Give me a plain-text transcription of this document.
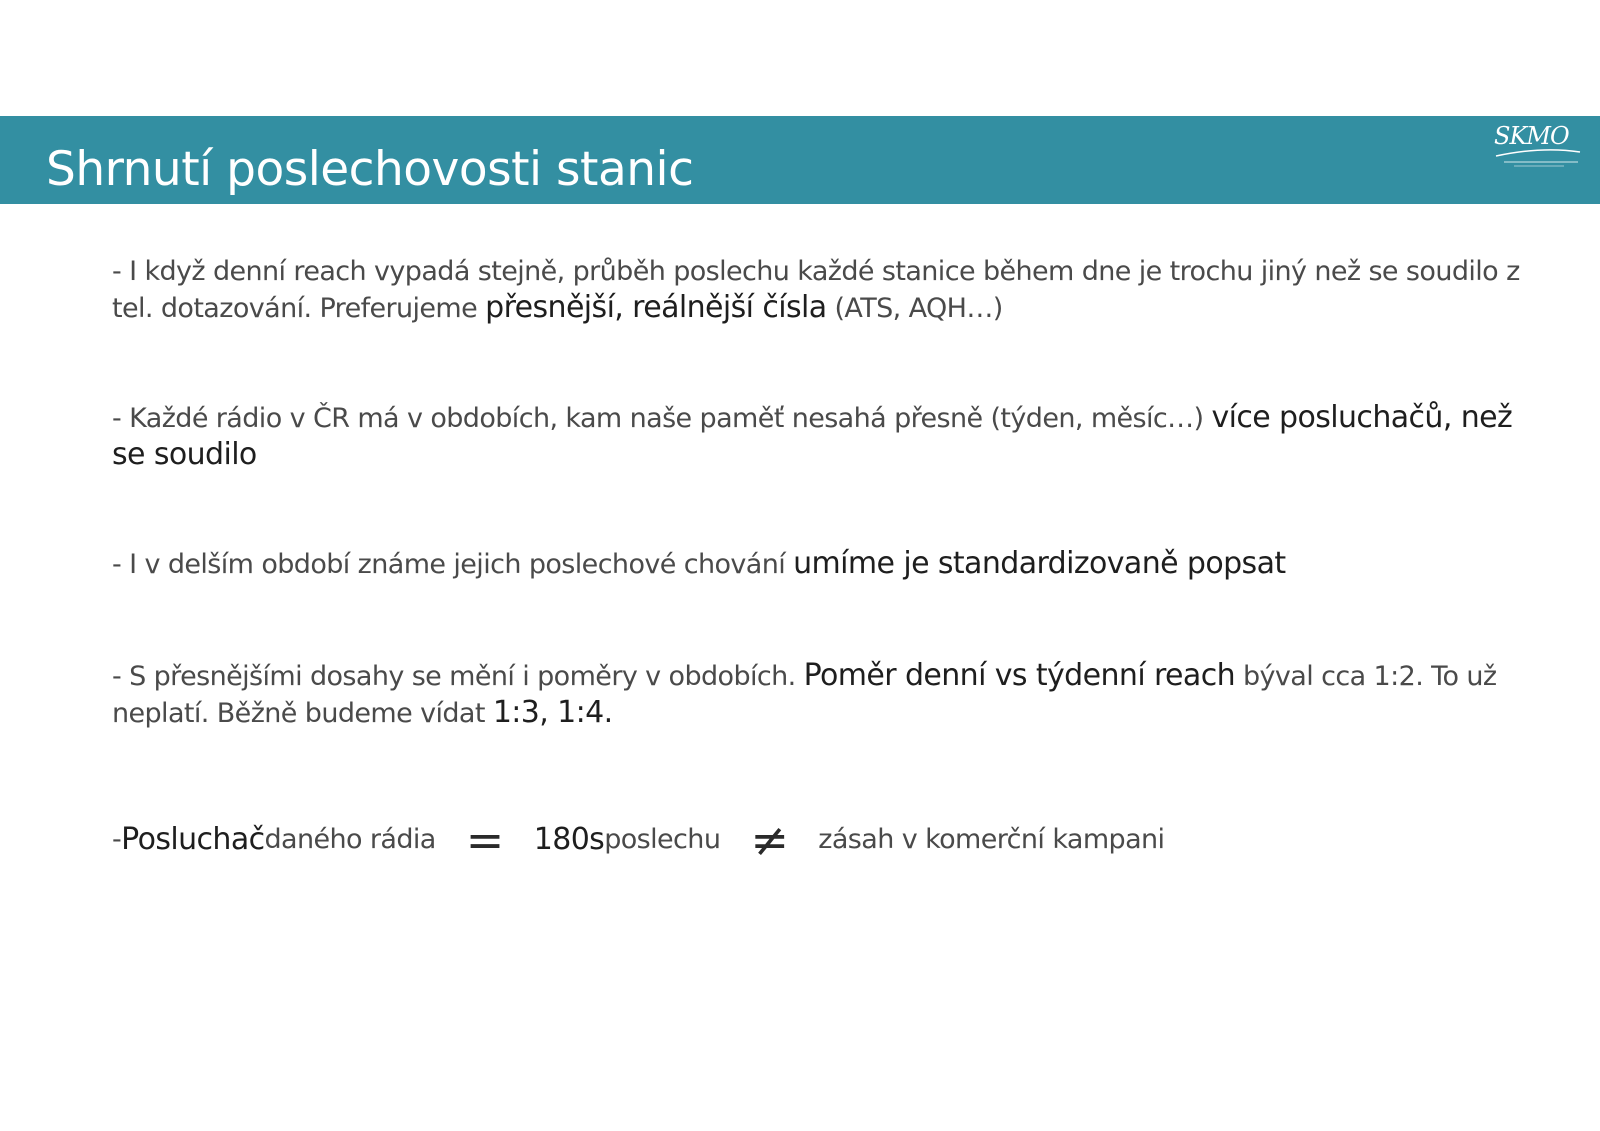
Shrnutí poslechovosti stanic
SKMO

- I když denní reach vypadá stejně, průběh poslechu každé stanice během dne je trochu jiný než se soudilo z tel. dotazování. Preferujeme přesnější, reálnější čísla (ATS, AQH…)

- Každé rádio v ČR má v obdobích, kam naše paměť nesahá přesně (týden, měsíc…) více posluchačů, než se soudilo

- I v delším období známe jejich poslechové chování umíme je standardizovaně popsat

- S přesnějšími dosahy se mění i poměry v obdobích. Poměr denní vs týdenní reach býval cca 1:2. To už neplatí. Běžně budeme vídat 1:3, 1:4.

- Posluchač daného rádia = 180s poslechu ≠ zásah v komerční kampani
